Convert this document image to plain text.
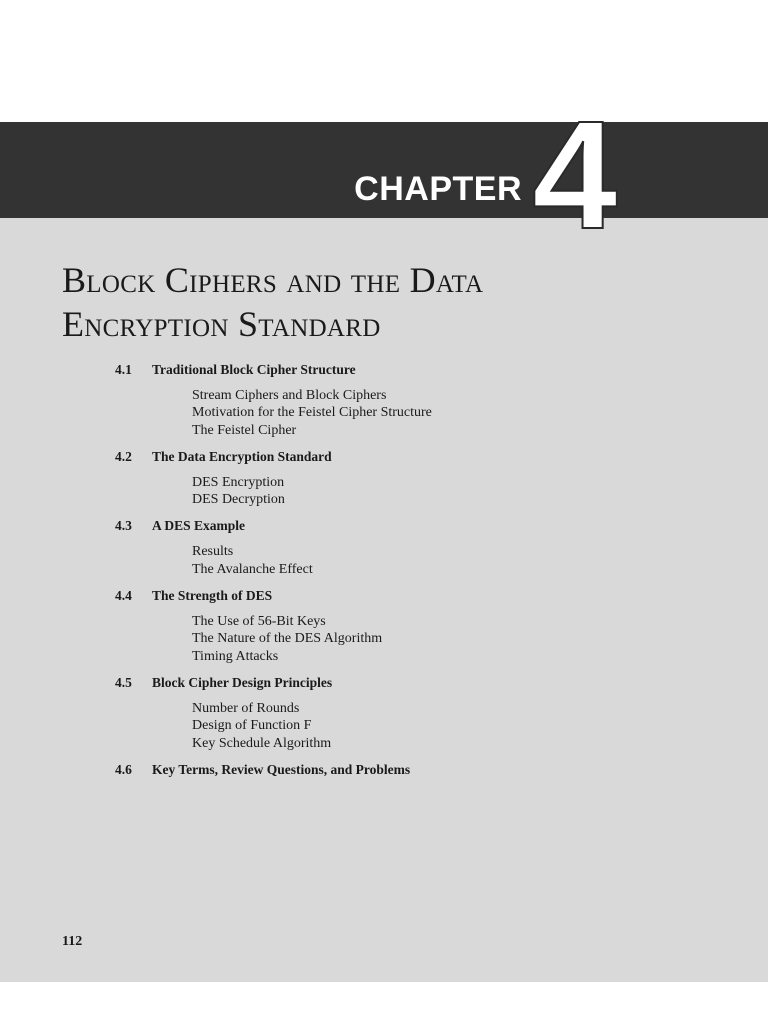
CHAPTER 4
Block Ciphers and the Data
Encryption Standard
4.1	Traditional Block Cipher Structure
Stream Ciphers and Block Ciphers
Motivation for the Feistel Cipher Structure
The Feistel Cipher
4.2	The Data Encryption Standard
DES Encryption
DES Decryption
4.3	A DES Example
Results
The Avalanche Effect
4.4	The Strength of DES
The Use of 56-Bit Keys
The Nature of the DES Algorithm
Timing Attacks
4.5	Block Cipher Design Principles
Number of Rounds
Design of Function F
Key Schedule Algorithm
4.6	Key Terms, Review Questions, and Problems
112
